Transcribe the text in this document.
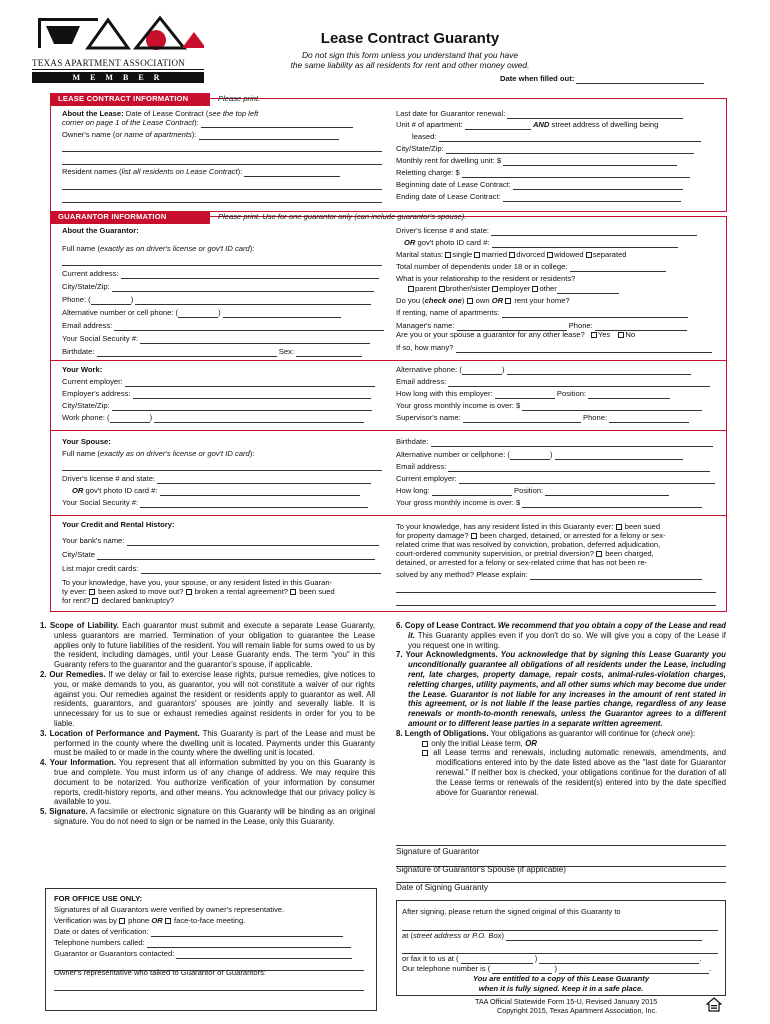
TEXAS APARTMENT ASSOCIATION
M E M B E R
Lease Contract Guaranty
Do not sign this form unless you understand that you have
the same liability as all residents for rent and other money owed.
Date when filled out:
LEASE CONTRACT INFORMATION	Please print.
About the Lease: Date of Lease Contract (see the top left
corner on page 1 of the Lease Contract):
Owner's name (or name of apartments):
Resident names (list all residents on Lease Contract):
Last date for Guarantor renewal:
Unit # of apartment:	AND street address of dwelling being
leased:
City/State/Zip:
Monthly rent for dwelling unit: $
Reletting charge: $
Beginning date of Lease Contract:
Ending date of Lease Contract:
GUARANTOR INFORMATION	Please print. Use for one guarantor only (can include guarantor's spouse).
About the Guarantor:
Full name (exactly as on driver's license or gov't ID card):
Current address:
City/State/Zip:
Phone: (	)
Alternative number or cell phone: (	)
Email address:
Your Social Security #:
Birthdate:	Sex:
Driver's license # and state:
OR gov't photo ID card #:
Marital status: single married divorced widowed separated
Total number of dependents under 18 or in college:
What is your relationship to the resident or residents?
parent brother/sister employer other
Do you (check one) own OR rent your home?
If renting, name of apartments:
Manager's name:	Phone:
Are you or your spouse a guarantor for any other lease? Yes No
If so, how many?
Your Work:
Current employer:
Employer's address:
City/State/Zip:
Work phone: (	)
Alternative phone: (	)
Email address:
How long with this employer:	Position:
Your gross monthly income is over: $
Supervisor's name:	Phone:
Your Spouse:
Full name (exactly as on driver's license or gov't ID card):
Driver's license # and state:
OR gov't photo ID card #:
Your Social Security #:
Birthdate:
Alternative number or cellphone: (	)
Email address:
Current employer:
How long:	Position:
Your gross monthly income is over: $
Your Credit and Rental History:
Your bank's name:
City/State
List major credit cards:
To your knowledge, have you, your spouse, or any resident listed in this Guaran-
ty ever: been asked to move out? broken a rental agreement? been sued
for rent? declared bankruptcy?
To your knowledge, has any resident listed in this Guaranty ever: been sued
for property damage? been charged, detained, or arrested for a felony or sex-
related crime that was resolved by conviction, probation, deferred adjudication,
court-ordered community supervision, or pretrial diversion? been charged,
detained, or arrested for a felony or sex-related crime that has not been re-
solved by any method? Please explain:

1. Scope of Liability. Each guarantor must submit and execute a separate Lease Guaranty, unless guarantors are married. Termination of your obligation to guarantee the Lease applies only to future liabilities of the resident. You will remain liable for sums owed to us by the resident, including damages, until your Lease Guaranty ends. The term "you" in this Guaranty refers to the guarantor and the guarantor's spouse, if applicable.
2. Our Remedies. If we delay or fail to exercise lease rights, pursue remedies, give notices to you, or make demands to you, as guarantor, you will not constitute a waiver of our rights against you. Our remedies against the resident or residents apply to guarantor as well. All residents, guarantors, and guarantors' spouses are jointly and severally liable. It is unnecessary for us to sue or exhaust remedies against residents in order for you to be liable.
3. Location of Performance and Payment. This Guaranty is part of the Lease and must be performed in the county where the dwelling unit is located. Payments under this Guaranty must be mailed to or made in the county where the dwelling unit is located.
4. Your Information. You represent that all information submitted by you on this Guaranty is true and complete. You must inform us of any change of address. We may require this document to be notarized. You authorize verification of your information by consumer reports, credit-history reports, and other means. You acknowledge that our privacy policy is available to you.
5. Signature. A facsimile or electronic signature on this Guaranty will be binding as an original signature. You do not need to sign or be named in the Lease, only this Guaranty.

6. Copy of Lease Contract. We recommend that you obtain a copy of the Lease and read it. This Guaranty applies even if you don't do so. We will give you a copy of the Lease if you request one in writing.
7. Your Acknowledgments. You acknowledge that by signing this Lease Guaranty you unconditionally guarantee all obligations of all residents under the Lease, including rent, late charges, property damage, repair costs, animal-rules-violation charges, reletting charges, utility payments, and all other sums which may become due under the Lease. Guarantor is not liable for any increases in the amount of rent stated in this agreement, or is not liable if the lease parties change, regardless of any lease renewals or month-to-month renewals, unless the Guarantor agrees to a different amount or to different lease parties in a separate written agreement.
8. Length of Obligations. Your obligations as guarantor will continue for (check one):
only the initial Lease term, OR
all Lease terms and renewals, including automatic renewals, amendments, and modifications entered into by the date listed above as the "last date for Guarantor renewal." If neither box is checked, your obligations continue for the duration of all the Lease terms or renewals of the resident(s) entered into by the date specified above for Guarantor renewal.
Signature of Guarantor
Signature of Guarantor's Spouse (if applicable)
Date of Signing Guaranty
FOR OFFICE USE ONLY:
Signatures of all Guarantors were verified by owner's representative.
Verification was by phone OR face-to-face meeting.
Date or dates of verification:
Telephone numbers called:
Guarantor or Guarantors contacted:
Owner's representative who talked to Guarantor or Guarantors:
After signing, please return the signed original of this Guaranty to
at (street address or P.O. Box)
or fax it to us at (	)	.
Our telephone number is (	)	.
You are entitled to a copy of this Lease Guaranty
when it is fully signed. Keep it in a safe place.
TAA Official Statewide Form 15-U, Revised January 2015
Copyright 2015, Texas Apartment Association, Inc.
